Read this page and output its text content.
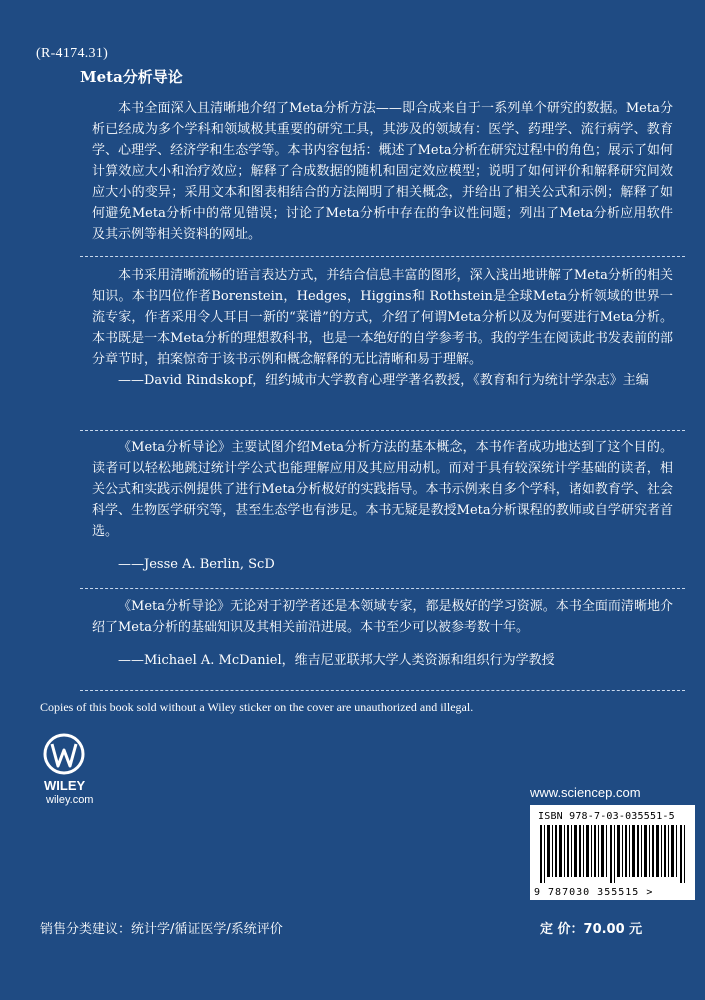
(R-4174.31)
Meta分析导论

本书全面深入且清晰地介绍了Meta分析方法——即合成来自于一系列单个研究的数据。Meta分析已经成为多个学科和领域极其重要的研究工具，其涉及的领域有：医学、药理学、流行病学、教育学、心理学、经济学和生态学等。本书内容包括：概述了Meta分析在研究过程中的角色；展示了如何计算效应大小和治疗效应；解释了合成数据的随机和固定效应模型；说明了如何评价和解释研究间效应大小的变异；采用文本和图表相结合的方法阐明了相关概念，并给出了相关公式和示例；解释了如何避免Meta分析中的常见错误；讨论了Meta分析中存在的争议性问题；列出了Meta分析应用软件及其示例等相关资料的网址。

本书采用清晰流畅的语言表达方式，并结合信息丰富的图形，深入浅出地讲解了Meta分析的相关知识。本书四位作者Borenstein，Hedges，Higgins和 Rothstein是全球Meta分析领域的世界一流专家，作者采用令人耳目一新的“菜谱”的方式，介绍了何谓Meta分析以及为何要进行Meta分析。本书既是一本Meta分析的理想教科书，也是一本绝好的自学参考书。我的学生在阅读此书发表前的部分章节时，拍案惊奇于该书示例和概念解释的无比清晰和易于理解。

——David Rindskopf，纽约城市大学教育心理学著名教授，《教育和行为统计学杂志》主编

《Meta分析导论》主要试图介绍Meta分析方法的基本概念，本书作者成功地达到了这个目的。读者可以轻松地跳过统计学公式也能理解应用及其应用动机。而对于具有较深统计学基础的读者，相关公式和实践示例提供了进行Meta分析极好的实践指导。本书示例来自多个学科，诸如教育学、社会科学、生物医学研究等，甚至生态学也有涉足。本书无疑是教授Meta分析课程的教师或自学研究者首选。

——Jesse A. Berlin, ScD

《Meta分析导论》无论对于初学者还是本领域专家，都是极好的学习资源。本书全面而清晰地介绍了Meta分析的基础知识及其相关前沿进展。本书至少可以被参考数十年。

——Michael A. McDaniel，维吉尼亚联邦大学人类资源和组织行为学教授

Copies of this book sold without a Wiley sticker on the cover are unauthorized and illegal.
WILEY
wiley.com	www.sciencep.com
ISBN 978-7-03-035551-5
9 787030 355515 >
销售分类建议：统计学/循证医学/系统评价	定 价：70.00 元
